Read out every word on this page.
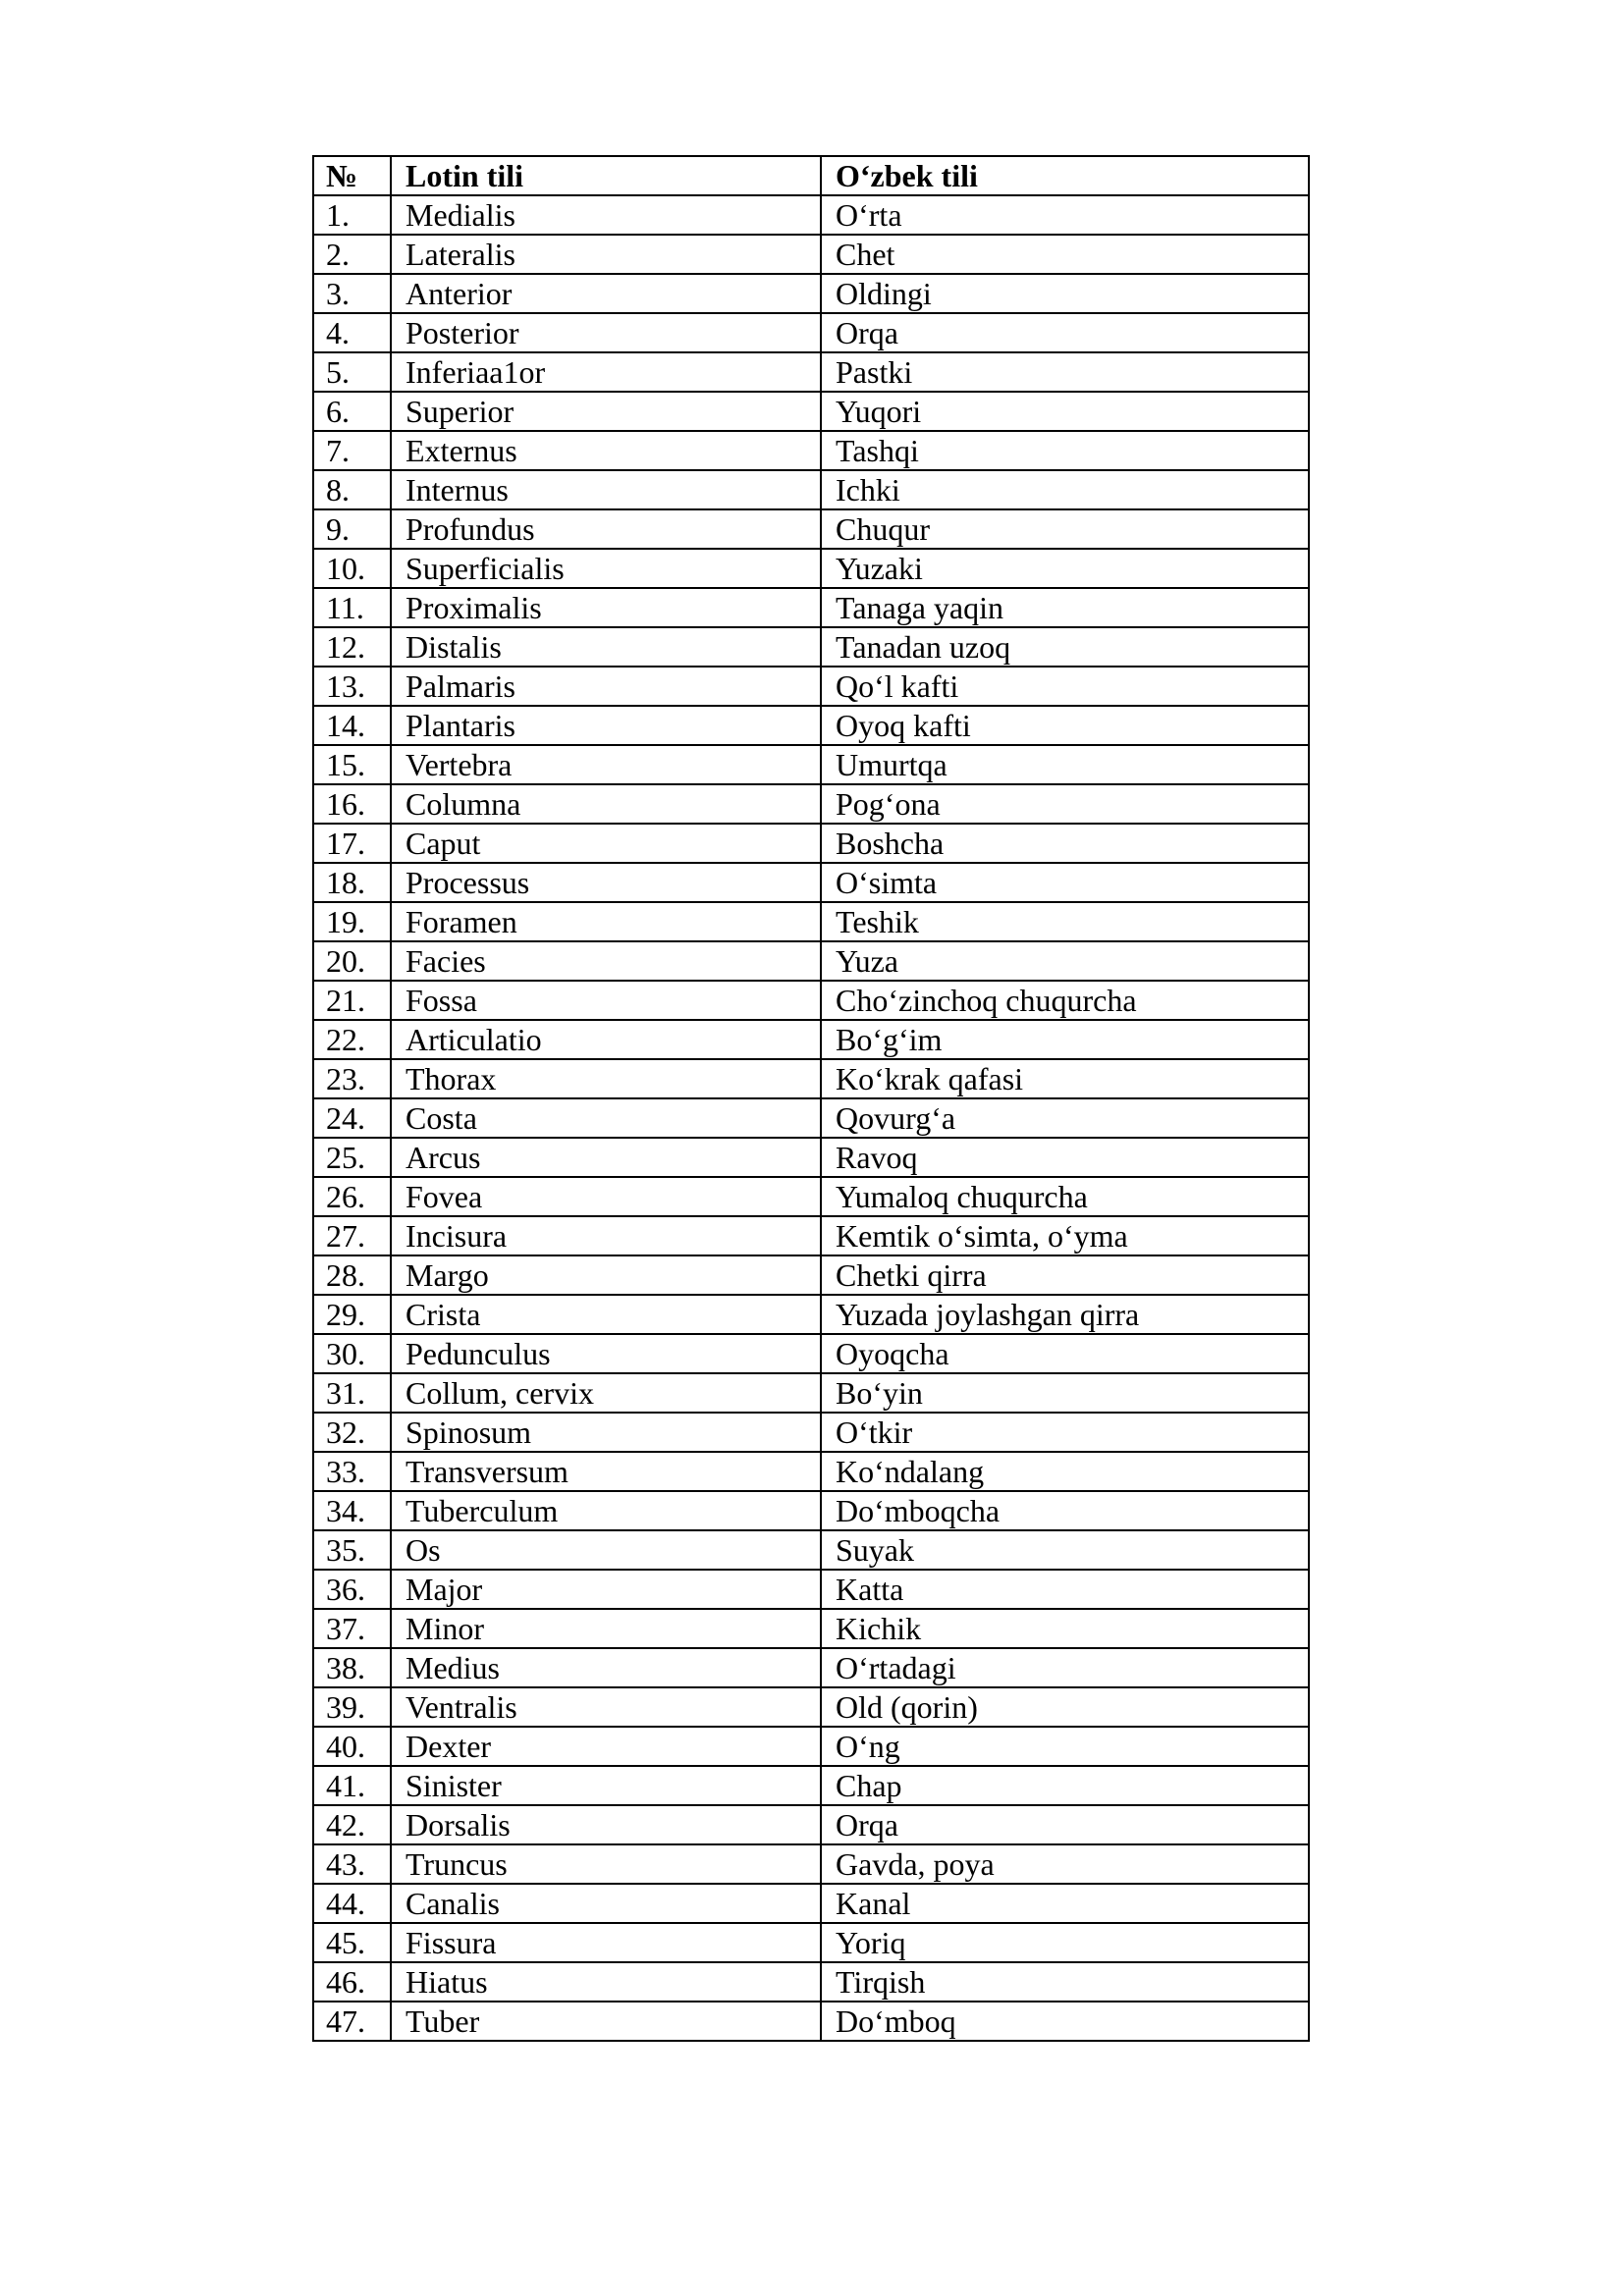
№	Lotin tili	O‘zbek tili
1.	Medialis	O‘rta
2.	Lateralis	Chet
3.	Anterior	Oldingi
4.	Posterior	Orqa
5.	Inferiaa1or	Pastki
6.	Superior	Yuqori
7.	Externus	Tashqi
8.	Internus	Ichki
9.	Profundus	Chuqur
10.	Superficialis	Yuzaki
11.	Proximalis	Tanaga yaqin
12.	Distalis	Tanadan uzoq
13.	Palmaris	Qo‘l kafti
14.	Plantaris	Oyoq kafti
15.	Vertebra	Umurtqa
16.	Columna	Pog‘ona
17.	Caput	Boshcha
18.	Processus	O‘simta
19.	Foramen	Teshik
20.	Facies	Yuza
21.	Fossa	Cho‘zinchoq chuqurcha
22.	Articulatio	Bo‘g‘im
23.	Thorax	Ko‘krak qafasi
24.	Costa	Qovurg‘a
25.	Arcus	Ravoq
26.	Fovea	Yumaloq chuqurcha
27.	Incisura	Kemtik o‘simta, o‘yma
28.	Margo	Chetki qirra
29.	Crista	Yuzada joylashgan qirra
30.	Pedunculus	Oyoqcha
31.	Collum, cervix	Bo‘yin
32.	Spinosum	O‘tkir
33.	Transversum	Ko‘ndalang
34.	Tuberculum	Do‘mboqcha
35.	Os	Suyak
36.	Major	Katta
37.	Minor	Kichik
38.	Medius	O‘rtadagi
39.	Ventralis	Old (qorin)
40.	Dexter	O‘ng
41.	Sinister	Chap
42.	Dorsalis	Orqa
43.	Truncus	Gavda, poya
44.	Canalis	Kanal
45.	Fissura	Yoriq
46.	Hiatus	Tirqish
47.	Tuber	Do‘mboq
